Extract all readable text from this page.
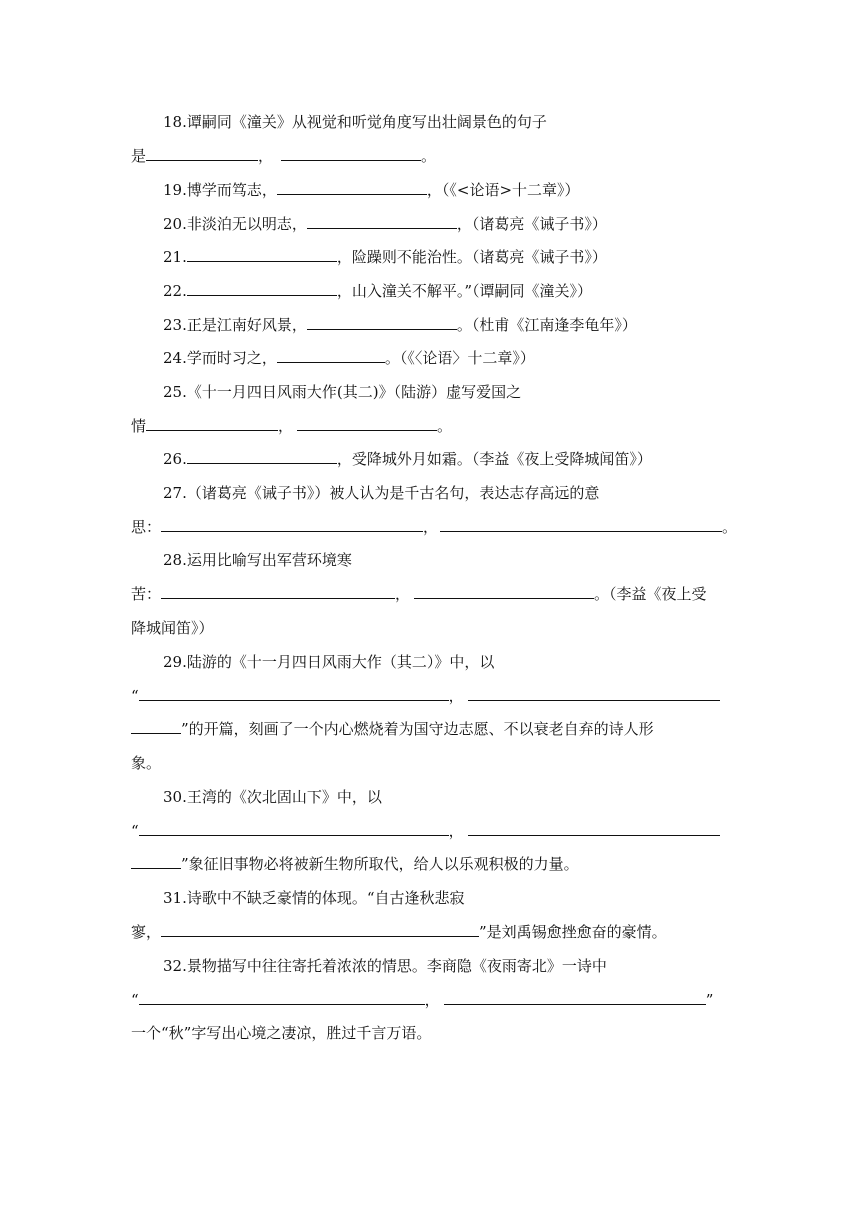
18.谭嗣同《潼关》从视觉和听觉角度写出壮阔景色的句子
是	，	。
19.博学而笃志，	，（《<论语>十二章》）
20.非淡泊无以明志，	，（诸葛亮《诫子书》）
21.	，险躁则不能治性。（诸葛亮《诫子书》）
22.	，山入潼关不解平。”（谭嗣同《潼关》）
23.正是江南好风景，	。（杜甫《江南逢李龟年》）
24.学而时习之，	。（《〈论语〉十二章》）
25.《十一月四日风雨大作(其二)》（陆游）虚写爱国之
情	，	。
26.	，受降城外月如霜。（李益《夜上受降城闻笛》）
27.（诸葛亮《诫子书》）被人认为是千古名句，表达志存高远的意
思：	，	。
28.运用比喻写出军营环境寒
苦：	，	。（李益《夜上受
降城闻笛》）
29.陆游的《十一月四日风雨大作（其二）》中，以
“	，
”的开篇，刻画了一个内心燃烧着为国守边志愿、不以衰老自弃的诗人形
象。
30.王湾的《次北固山下》中，以
“	，
”象征旧事物必将被新生物所取代，给人以乐观积极的力量。
31.诗歌中不缺乏豪情的体现。“自古逢秋悲寂
寥，	”是刘禹锡愈挫愈奋的豪情。
32.景物描写中往往寄托着浓浓的情思。李商隐《夜雨寄北》一诗中
“	，	”
一个“秋”字写出心境之凄凉，胜过千言万语。
